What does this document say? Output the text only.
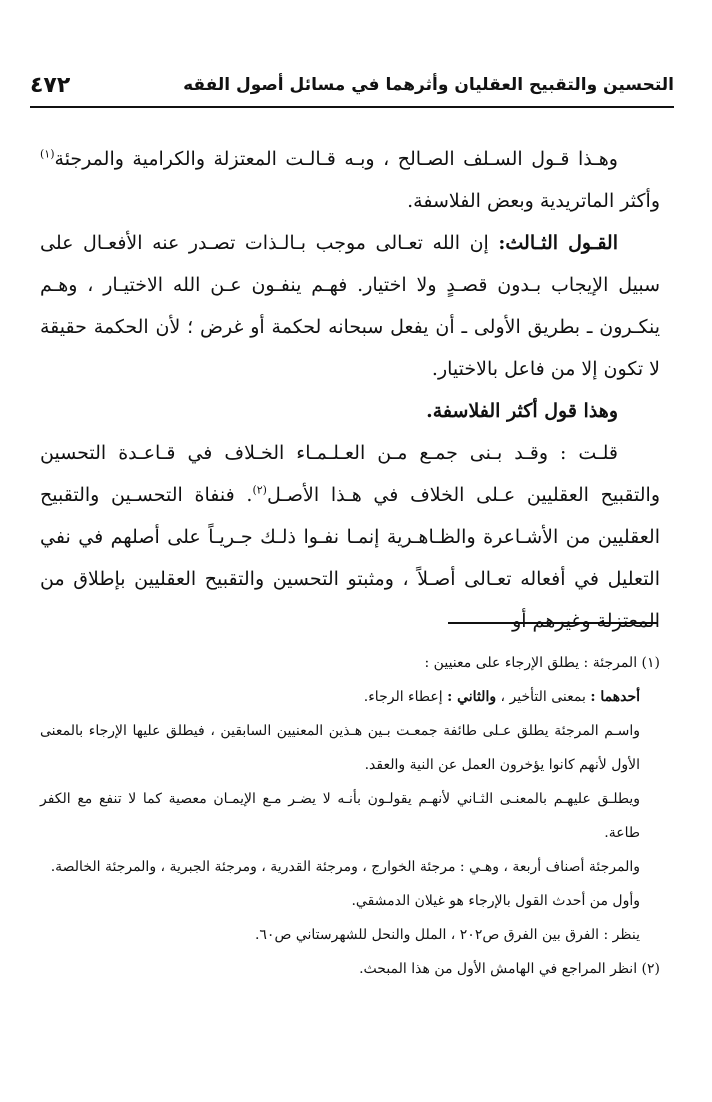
التحسين والتقبيح العقليان وأثرهما في مسائل أصول الفقه
٤٧٢

وهـذا قـول السـلف الصـالح ، وبـه قـالـت المعتزلة والكرامية والمرجئة$^{(١)}$ وأكثر الماتريدية وبعض الفلاسفة.

القـول الثـالث: إن الله تعـالى موجب بـالـذات تصـدر عنه الأفعـال على سبيل الإيجاب بـدون قصـدٍ ولا اختيار. فهـم ينفـون عـن الله الاختيـار ، وهـم ينكـرون ـ بطريق الأولى ـ أن يفعل سبحانه لحكمة أو غرض ؛ لأن الحكمة حقيقة لا تكون إلا من فاعل بالاختيار.

وهذا قول أكثر الفلاسفة.

قلـت : وقـد بـنى جمـع مـن العـلـمـاء الخـلاف في قـاعـدة التحسين والتقبيح العقليين عـلى الخلاف في هـذا الأصـل$^{(٢)}$. فنفاة التحسـين والتقبيح العقليين من الأشـاعرة والظـاهـرية إنمـا نفـوا ذلـك جـريـاً على أصلهم في نفي التعليل في أفعاله تعـالى أصـلاً ، ومثبتو التحسين والتقبيح العقليين بإطلاق من المعتزلة وغيرهم أو

(١) المرجئة : يطلق الإرجاء على معنيين :

أحدهما : بمعنى التأخير ، والثاني : إعطاء الرجاء.

واسـم المرجئة يطلق عـلى طائفة جمعـت بـين هـذين المعنيين السابقين ، فيطلق عليها الإرجاء بالمعنى الأول لأنهم كانوا يؤخرون العمل عن النية والعقد.

ويطلـق عليهـم بالمعنـى الثـاني لأنهـم يقولـون بأنـه لا يضـر مـع الإيمـان معصية كما لا تنفع مع الكفر طاعة.

والمرجئة أصناف أربعة ، وهـي : مرجئة الخوارج ، ومرجئة القدرية ، ومرجئة الجبرية ، والمرجئة الخالصة.

وأول من أحدث القول بالإرجاء هو غيلان الدمشقي.

ينظر : الفرق بين الفرق ص٢٠٢ ، الملل والنحل للشهرستاني ص٦٠.

(٢) انظر المراجع في الهامش الأول من هذا المبحث.
